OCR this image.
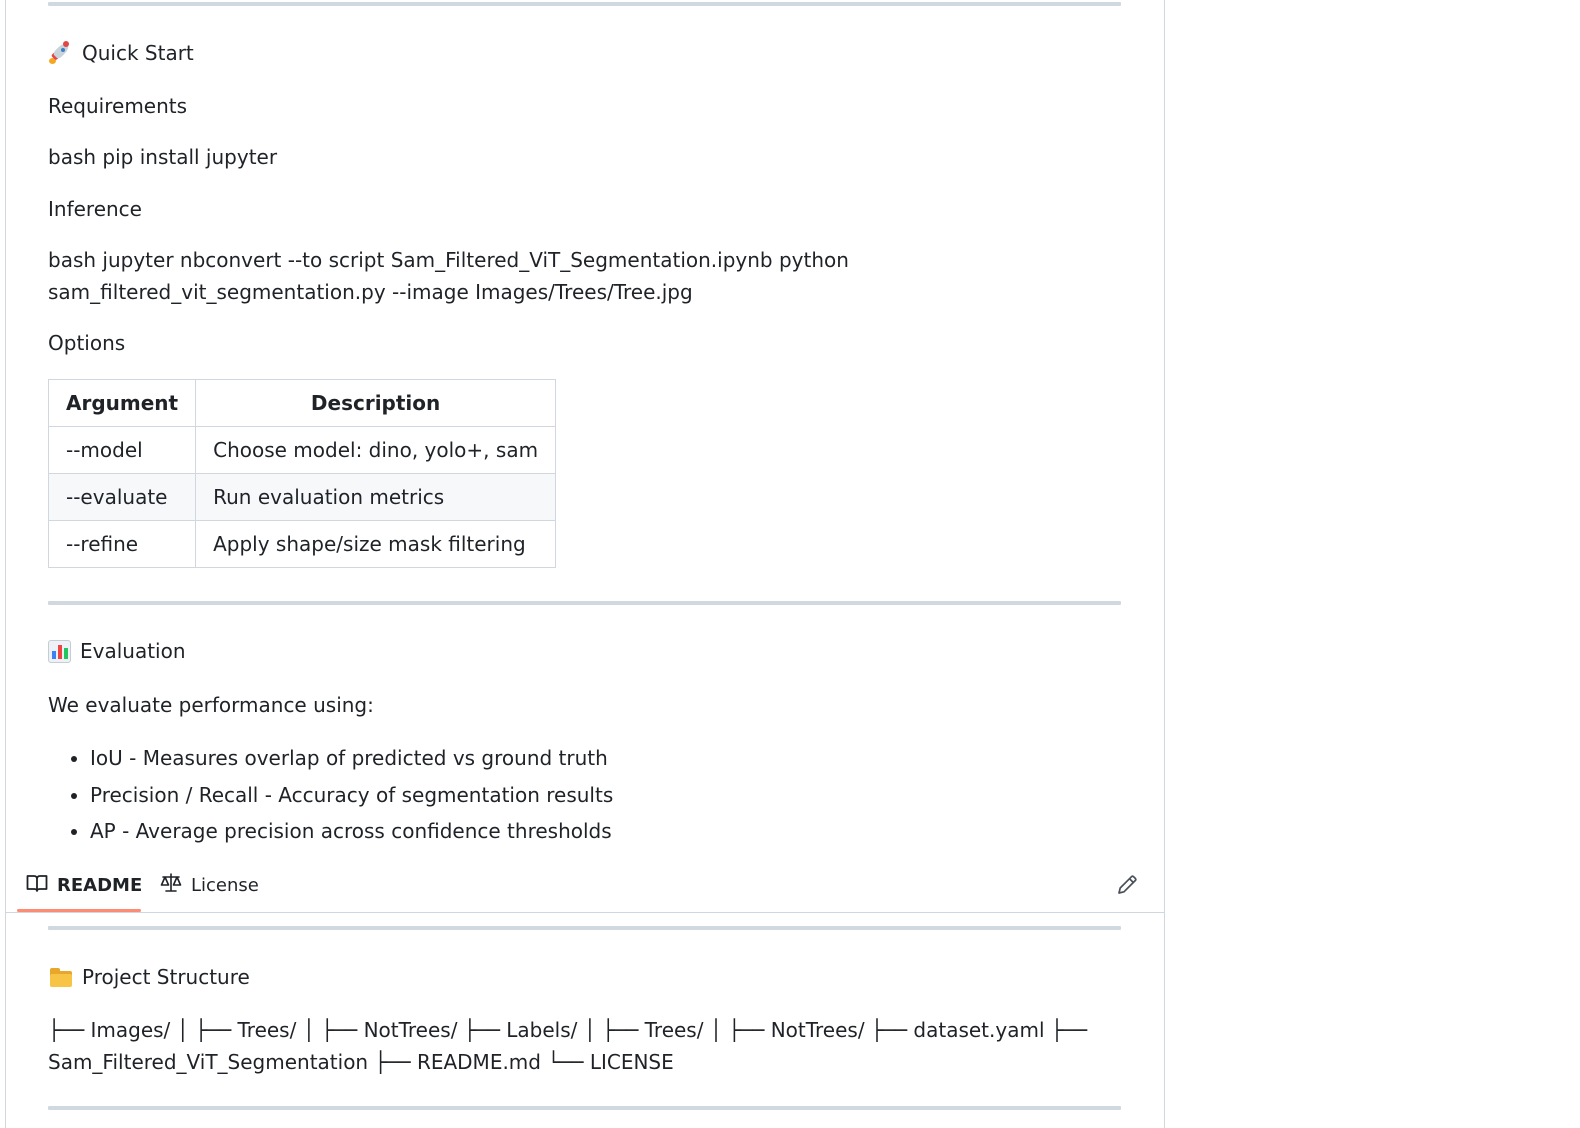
Quick Start
Requirements
bash pip install jupyter
Inference
bash jupyter nbconvert --to script Sam_Filtered_ViT_Segmentation.ipynb python sam_filtered_vit_segmentation.py --image Images/Trees/Tree.jpg
Options
Argument	Description
--model	Choose model: dino, yolo+, sam
--evaluate	Run evaluation metrics
--refine	Apply shape/size mask filtering
Evaluation
We evaluate performance using:
• IoU - Measures overlap of predicted vs ground truth
• Precision / Recall - Accuracy of segmentation results
• AP - Average precision across confidence thresholds
README	License
Project Structure
├── Images/ │ ├── Trees/ │ ├── NotTrees/ ├── Labels/ │ ├── Trees/ │ ├── NotTrees/ ├── dataset.yaml ├── Sam_Filtered_ViT_Segmentation ├── README.md └── LICENSE
